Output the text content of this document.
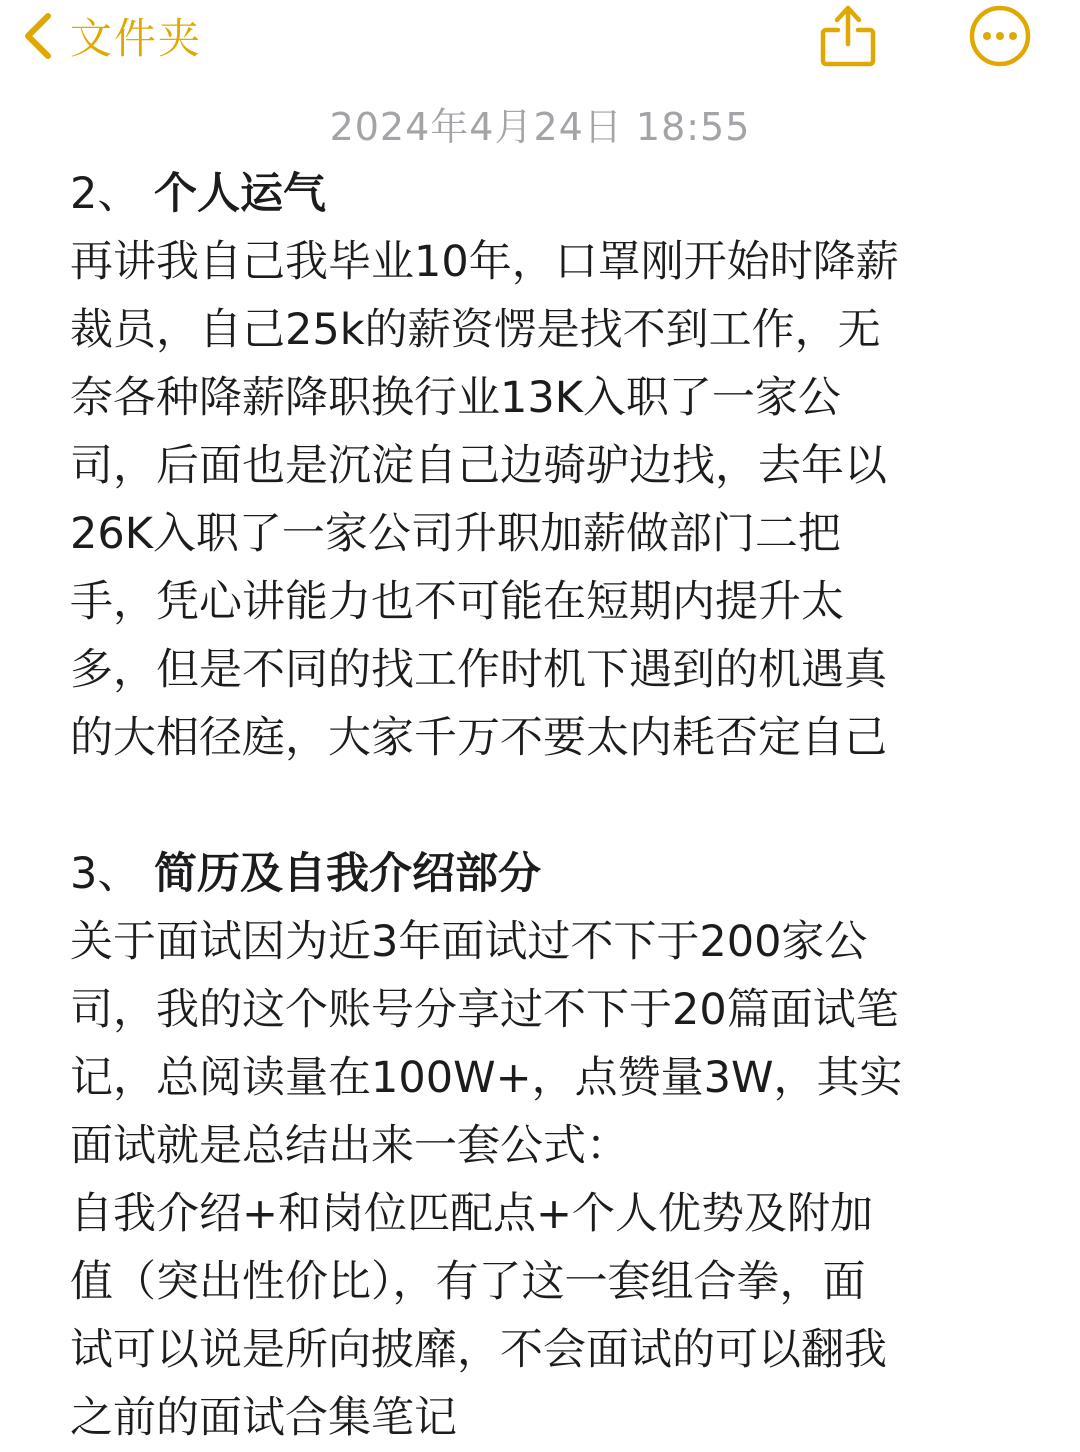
文件夹
2024年4月24日 18:55
2、 个人运气
再讲我自己我毕业10年，口罩刚开始时降薪
裁员，自己25k的薪资愣是找不到工作，无
奈各种降薪降职换行业13K入职了一家公
司，后面也是沉淀自己边骑驴边找，去年以
26K入职了一家公司升职加薪做部门二把
手，凭心讲能力也不可能在短期内提升太
多，但是不同的找工作时机下遇到的机遇真
的大相径庭，大家千万不要太内耗否定自己
3、 简历及自我介绍部分
关于面试因为近3年面试过不下于200家公
司，我的这个账号分享过不下于20篇面试笔
记，总阅读量在100W+，点赞量3W，其实
面试就是总结出来一套公式：
自我介绍+和岗位匹配点+个人优势及附加
值（突出性价比），有了这一套组合拳，面
试可以说是所向披靡，不会面试的可以翻我
之前的面试合集笔记
